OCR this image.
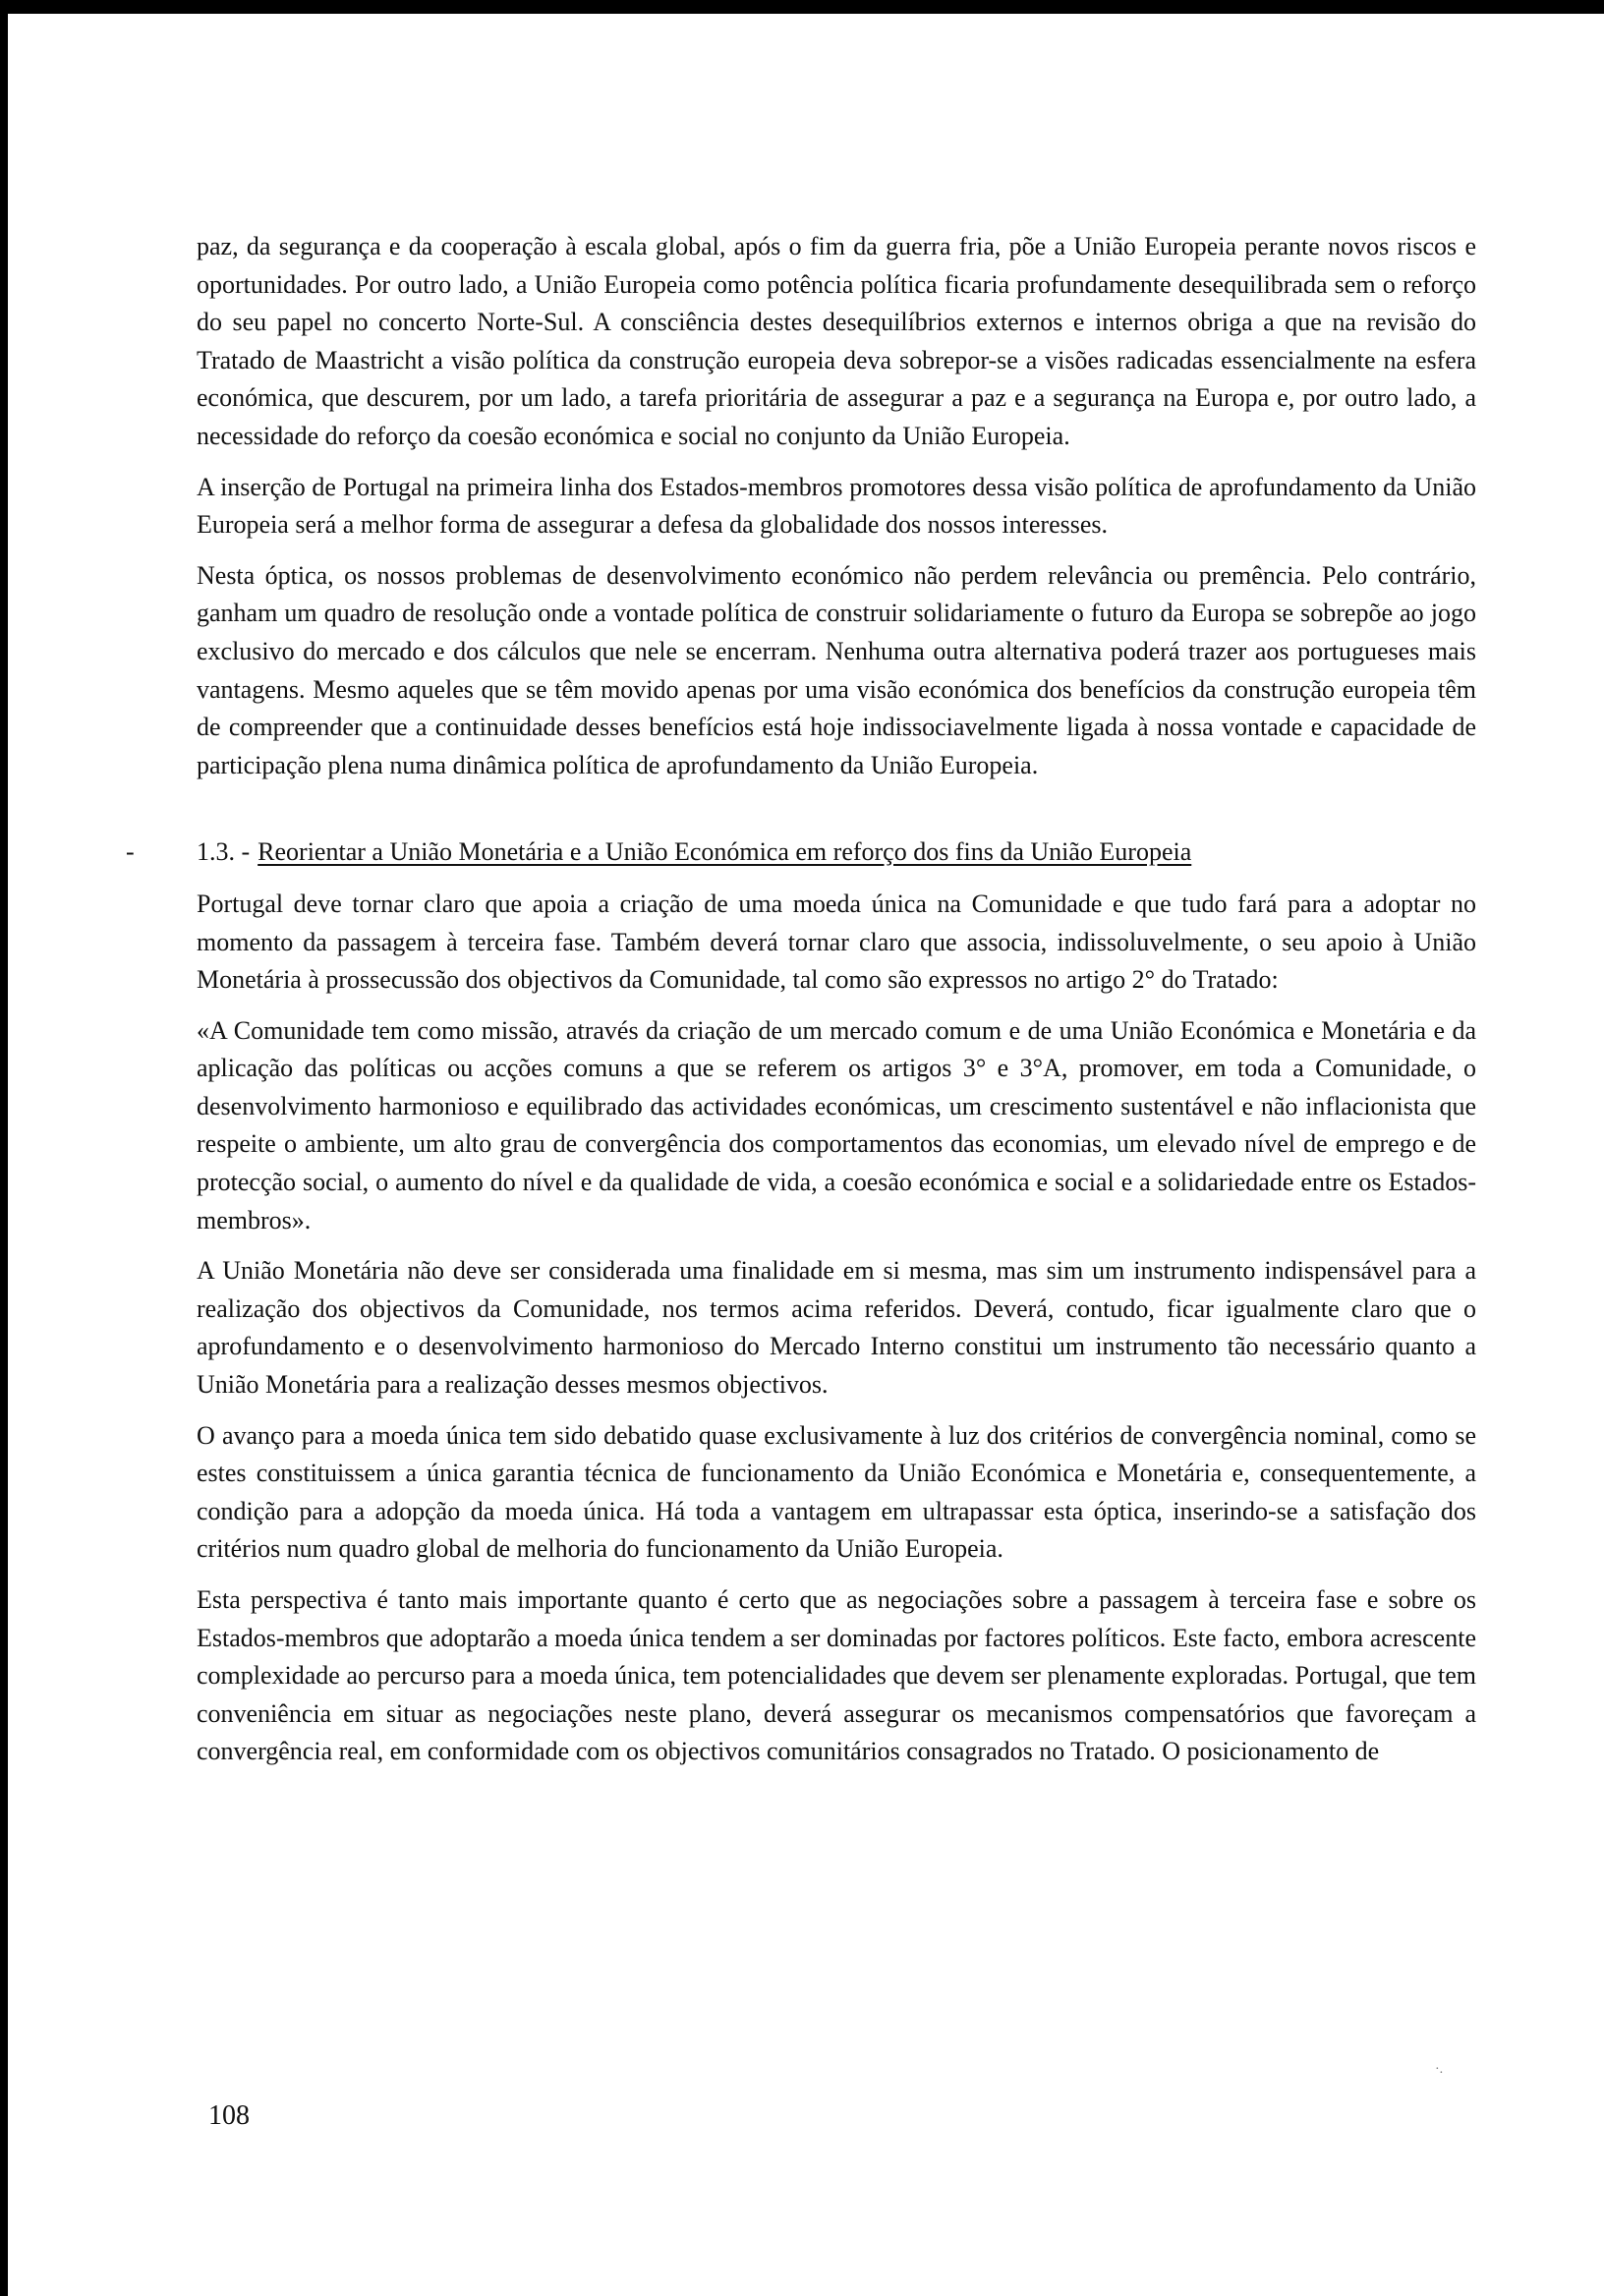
paz, da segurança e da cooperação à escala global, após o fim da guerra fria, põe a União Europeia perante novos riscos e oportunidades. Por outro lado, a União Europeia como potência política ficaria profundamente desequilibrada sem o reforço do seu papel no concerto Norte-Sul. A consciência destes desequilíbrios externos e internos obriga a que na revisão do Tratado de Maastricht a visão política da construção europeia deva sobrepor-se a visões radicadas essencialmente na esfera económica, que descurem, por um lado, a tarefa prioritária de assegurar a paz e a segurança na Europa e, por outro lado, a necessidade do reforço da coesão económica e social no conjunto da União Europeia.

A inserção de Portugal na primeira linha dos Estados-membros promotores dessa visão política de aprofundamento da União Europeia será a melhor forma de assegurar a defesa da globalidade dos nossos interesses.

Nesta óptica, os nossos problemas de desenvolvimento económico não perdem relevância ou premência. Pelo contrário, ganham um quadro de resolução onde a vontade política de construir solidariamente o futuro da Europa se sobrepõe ao jogo exclusivo do mercado e dos cálculos que nele se encerram. Nenhuma outra alternativa poderá trazer aos portugueses mais vantagens. Mesmo aqueles que se têm movido apenas por uma visão económica dos benefícios da construção europeia têm de compreender que a continuidade desses benefícios está hoje indissociavelmente ligada à nossa vontade e capacidade de participação plena numa dinâmica política de aprofundamento da União Europeia.

- 1.3. - Reorientar a União Monetária e a União Económica em reforço dos fins da União Europeia

Portugal deve tornar claro que apoia a criação de uma moeda única na Comunidade e que tudo fará para a adoptar no momento da passagem à terceira fase. Também deverá tornar claro que associa, indissoluvelmente, o seu apoio à União Monetária à prossecussão dos objectivos da Comunidade, tal como são expressos no artigo 2° do Tratado:

«A Comunidade tem como missão, através da criação de um mercado comum e de uma União Económica e Monetária e da aplicação das políticas ou acções comuns a que se referem os artigos 3° e 3°A, promover, em toda a Comunidade, o desenvolvimento harmonioso e equilibrado das actividades económicas, um crescimento sustentável e não inflacionista que respeite o ambiente, um alto grau de convergência dos comportamentos das economias, um elevado nível de emprego e de protecção social, o aumento do nível e da qualidade de vida, a coesão económica e social e a solidariedade entre os Estados-membros».

A União Monetária não deve ser considerada uma finalidade em si mesma, mas sim um instrumento indispensável para a realização dos objectivos da Comunidade, nos termos acima referidos. Deverá, contudo, ficar igualmente claro que o aprofundamento e o desenvolvimento harmonioso do Mercado Interno constitui um instrumento tão necessário quanto a União Monetária para a realização desses mesmos objectivos.

O avanço para a moeda única tem sido debatido quase exclusivamente à luz dos critérios de convergência nominal, como se estes constituissem a única garantia técnica de funcionamento da União Económica e Monetária e, consequentemente, a condição para a adopção da moeda única. Há toda a vantagem em ultrapassar esta óptica, inserindo-se a satisfação dos critérios num quadro global de melhoria do funcionamento da União Europeia.

Esta perspectiva é tanto mais importante quanto é certo que as negociações sobre a passagem à terceira fase e sobre os Estados-membros que adoptarão a moeda única tendem a ser dominadas por factores políticos. Este facto, embora acrescente complexidade ao percurso para a moeda única, tem potencialidades que devem ser plenamente exploradas. Portugal, que tem conveniência em situar as negociações neste plano, deverá assegurar os mecanismos compensatórios que favoreçam a convergência real, em conformidade com os objectivos comunitários consagrados no Tratado. O posicionamento de

·.
108
